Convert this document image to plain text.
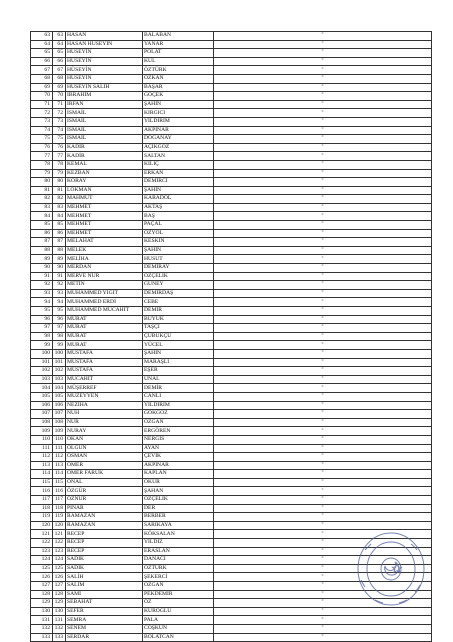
63	63	HASAN	BALABAN	"
64	64	HASAN HÜSEYİN	YANAR	"
65	65	HÜSEYİN	POLAT	"
66	66	HÜSEYİN	KÜL	"
67	67	HÜSEYİN	ÖZTÜRK	"
68	68	HÜSEYİN	ÖZKAN	"
69	69	HÜSEYİN SALİH	BAŞAR	"
70	70	İBRAHİM	GÖÇEK	"
71	71	İRFAN	ŞAHİN	"
72	72	İSMAİL	KIRGICI	"
73	73	İSMAİL	YILDIRIM	"
74	74	İSMAİL	AKPINAR	"
75	75	İSMAİL	DOĞANAY	"
76	76	KADİR	AÇIKGÖZ	"
77	77	KADİR	SALTAN	"
78	78	KEMAL	KILIÇ	"
79	79	KEZBAN	ERKAN	"
80	80	KORAY	DEMİRCİ	"
81	81	LOKMAN	ŞAHİN	"
82	82	MAHMUT	KARADÖL	"
83	83	MEHMET	AKTAŞ	"
84	84	MEHMET	BAŞ	"
85	85	MEHMET	PAÇAL	"
86	86	MEHMET	ÖZYOL	"
87	87	MELAHAT	KESKİN	"
88	88	MELEK	ŞAHİN	"
89	89	MELİHA	HUSUT	"
90	90	MERDAN	DEMİRAY	"
91	91	MERVE NUR	ÖZÇELİK	"
92	92	METİN	GÜNEY	"
93	93	MUHAMMED YİĞİT	DEMİRDAŞ	"
94	94	MUHAMMED ERDİ	CEBE	"
95	95	MUHAMMED MÜCAHİT	DEMİR	"
96	96	MURAT	BÜYÜK	"
97	97	MURAT	TAŞÇI	"
98	98	MURAT	ÇUBUKÇU	"
99	99	MURAT	YÜCEL	"
100	100	MUSTAFA	ŞAHİN	"
101	101	MUSTAFA	MARAŞLI	"
102	102	MUSTAFA	EŞER	"
103	103	MÜCAHİT	ÜNAL	"
104	104	MÜŞERREF	DEMİR	"
105	105	MÜZEYYEN	CANLI	"
106	106	NEZİHA	YILDIRIM	"
107	107	NUH	GÖKGÖZ	"
108	108	NUR	ÖZGAN	"
109	109	NURAY	ERGÖREN	"
110	110	OKAN	NERGİS	"
111	111	OLGUN	AYAN	"
112	112	OSMAN	ÇEVİK	"
113	113	ÖMER	AKPINAR	"
114	114	ÖMER FARUK	KAPLAN	"
115	115	ÖNAL	OKUR	"
116	116	ÖZGÜR	ŞAHAN	"
117	117	ÖZNUR	ÖZÇELİK	"
118	118	PINAR	DER	"
119	119	RAMAZAN	BERBER	"
120	120	RAMAZAN	SARIKAYA	"
121	121	RECEP	KÖKSALAN	"
122	122	RECEP	YILDIZ	"
123	123	RECEP	ERASLAN	"
124	124	SADIK	DANACI	"
125	125	SADIK	ÖZTÜRK	"
126	126	SALİH	ŞEKERCİ	"
127	127	SALİM	ÖZGAN	"
128	128	SAMİ	PEKDEMİR	"
129	129	SEBAHAT	ÖZ	"
130	130	SEFER	KUROĞLU	"
131	131	SEMRA	PALA	"
132	132	SENEM	COŞKUN	"
133	133	SERDAR	BOLATCAN	"
